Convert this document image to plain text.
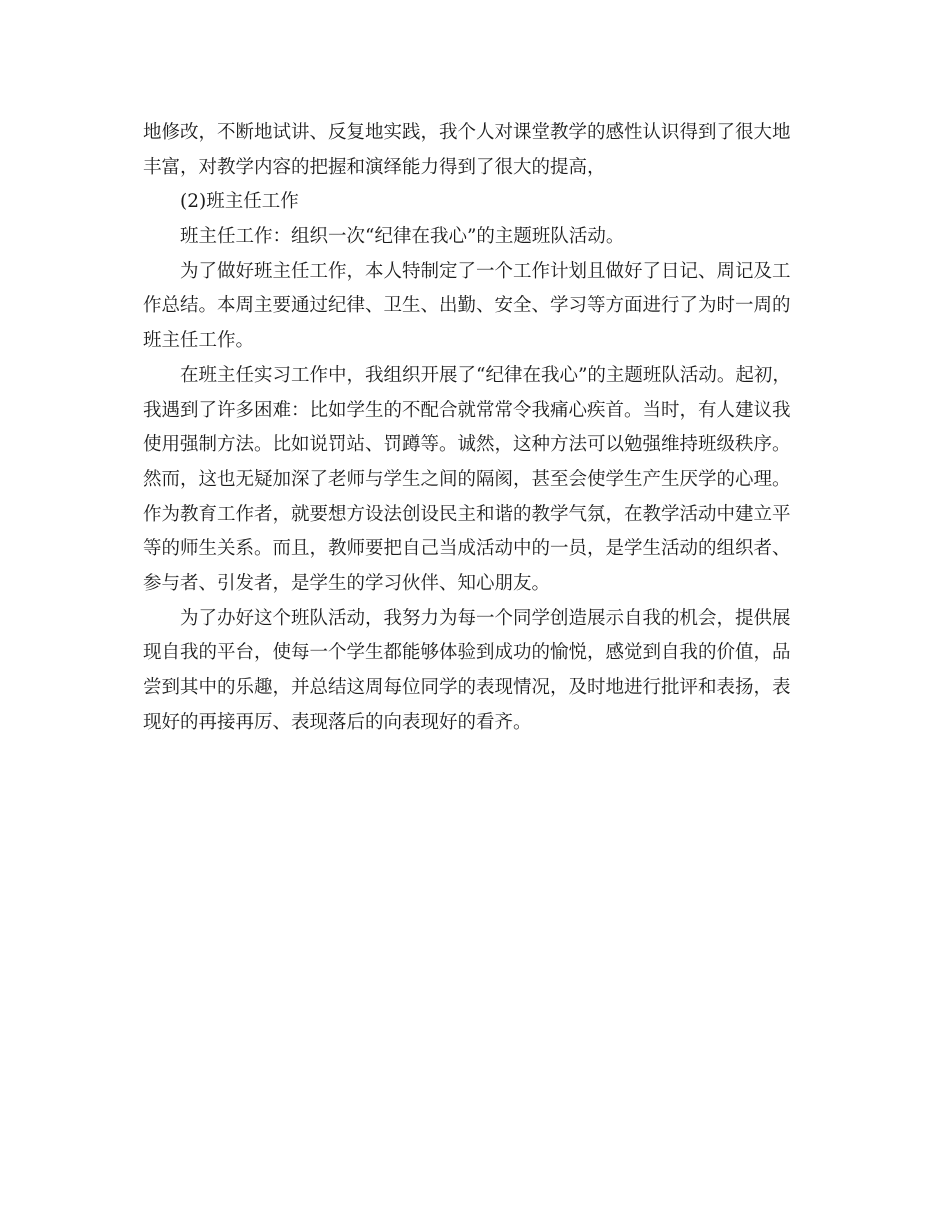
地修改，不断地试讲、反复地实践，我个人对课堂教学的感性认识得到了很大地
丰富，对教学内容的把握和演绎能力得到了很大的提高，
(2)班主任工作
班主任工作：组织一次“纪律在我心”的主题班队活动。
为了做好班主任工作，本人特制定了一个工作计划且做好了日记、周记及工
作总结。本周主要通过纪律、卫生、出勤、安全、学习等方面进行了为时一周的
班主任工作。
在班主任实习工作中，我组织开展了“纪律在我心”的主题班队活动。起初，
我遇到了许多困难：比如学生的不配合就常常令我痛心疾首。当时，有人建议我
使用强制方法。比如说罚站、罚蹲等。诚然，这种方法可以勉强维持班级秩序。
然而，这也无疑加深了老师与学生之间的隔阂，甚至会使学生产生厌学的心理。
作为教育工作者，就要想方设法创设民主和谐的教学气氛，在教学活动中建立平
等的师生关系。而且，教师要把自己当成活动中的一员，是学生活动的组织者、
参与者、引发者，是学生的学习伙伴、知心朋友。
为了办好这个班队活动，我努力为每一个同学创造展示自我的机会，提供展
现自我的平台，使每一个学生都能够体验到成功的愉悦，感觉到自我的价值，品
尝到其中的乐趣，并总结这周每位同学的表现情况，及时地进行批评和表扬，表
现好的再接再厉、表现落后的向表现好的看齐。
